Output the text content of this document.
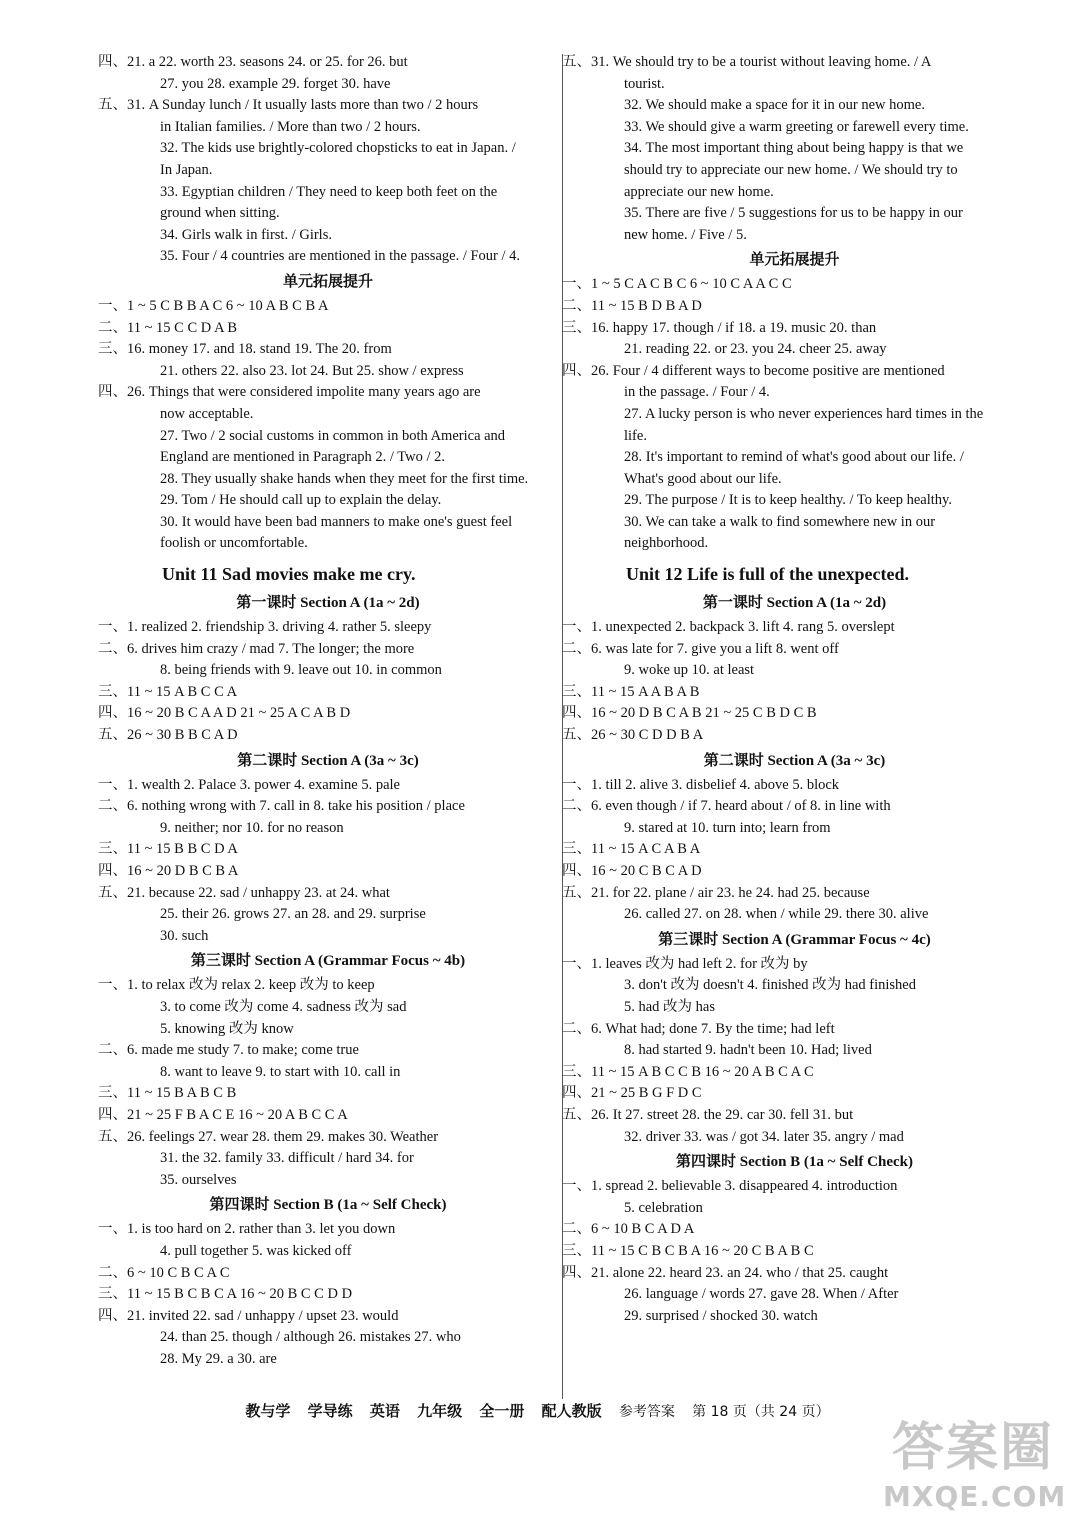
四、21. a 22. worth 23. seasons 24. or 25. for 26. but
27. you 28. example 29. forget 30. have
五、31. A Sunday lunch / It usually lasts more than two / 2 hours
in Italian families. / More than two / 2 hours.
32. The kids use brightly-colored chopsticks to eat in Japan. /
In Japan.
33. Egyptian children / They need to keep both feet on the
ground when sitting.
34. Girls walk in first. / Girls.
35. Four / 4 countries are mentioned in the passage. / Four / 4.
单元拓展提升
一、1 ~ 5 C B B A C 6 ~ 10 A B C B A
二、11 ~ 15 C C D A B
三、16. money 17. and 18. stand 19. The 20. from
21. others 22. also 23. lot 24. But 25. show / express
四、26. Things that were considered impolite many years ago are
now acceptable.
27. Two / 2 social customs in common in both America and
England are mentioned in Paragraph 2. / Two / 2.
28. They usually shake hands when they meet for the first time.
29. Tom / He should call up to explain the delay.
30. It would have been bad manners to make one's guest feel
foolish or uncomfortable.
Unit 11 Sad movies make me cry.
第一课时 Section A (1a ~ 2d)
一、1. realized 2. friendship 3. driving 4. rather 5. sleepy
二、6. drives him crazy / mad 7. The longer; the more
8. being friends with 9. leave out 10. in common
三、11 ~ 15 A B C C A
四、16 ~ 20 B C A A D 21 ~ 25 A C A B D
五、26 ~ 30 B B C A D
第二课时 Section A (3a ~ 3c)
一、1. wealth 2. Palace 3. power 4. examine 5. pale
二、6. nothing wrong with 7. call in 8. take his position / place
9. neither; nor 10. for no reason
三、11 ~ 15 B B C D A
四、16 ~ 20 D B C B A
五、21. because 22. sad / unhappy 23. at 24. what
25. their 26. grows 27. an 28. and 29. surprise
30. such
第三课时 Section A (Grammar Focus ~ 4b)
一、1. to relax 改为 relax 2. keep 改为 to keep
3. to come 改为 come 4. sadness 改为 sad
5. knowing 改为 know
二、6. made me study 7. to make; come true
8. want to leave 9. to start with 10. call in
三、11 ~ 15 B A B C B
四、21 ~ 25 F B A C E 16 ~ 20 A B C C A
五、26. feelings 27. wear 28. them 29. makes 30. Weather
31. the 32. family 33. difficult / hard 34. for
35. ourselves
第四课时 Section B (1a ~ Self Check)
一、1. is too hard on 2. rather than 3. let you down
4. pull together 5. was kicked off
二、6 ~ 10 C B C A C
三、11 ~ 15 B C B C A 16 ~ 20 B C C D D
四、21. invited 22. sad / unhappy / upset 23. would
24. than 25. though / although 26. mistakes 27. who
28. My 29. a 30. are
五、31. We should try to be a tourist without leaving home. / A
tourist.
32. We should make a space for it in our new home.
33. We should give a warm greeting or farewell every time.
34. The most important thing about being happy is that we
should try to appreciate our new home. / We should try to
appreciate our new home.
35. There are five / 5 suggestions for us to be happy in our
new home. / Five / 5.
单元拓展提升
一、1 ~ 5 C A C B C 6 ~ 10 C A A C C
二、11 ~ 15 B D B A D
三、16. happy 17. though / if 18. a 19. music 20. than
21. reading 22. or 23. you 24. cheer 25. away
四、26. Four / 4 different ways to become positive are mentioned
in the passage. / Four / 4.
27. A lucky person is who never experiences hard times in the
life.
28. It's important to remind of what's good about our life. /
What's good about our life.
29. The purpose / It is to keep healthy. / To keep healthy.
30. We can take a walk to find somewhere new in our
neighborhood.
Unit 12 Life is full of the unexpected.
第一课时 Section A (1a ~ 2d)
一、1. unexpected 2. backpack 3. lift 4. rang 5. overslept
二、6. was late for 7. give you a lift 8. went off
9. woke up 10. at least
三、11 ~ 15 A A B A B
四、16 ~ 20 D B C A B 21 ~ 25 C B D C B
五、26 ~ 30 C D D B A
第二课时 Section A (3a ~ 3c)
一、1. till 2. alive 3. disbelief 4. above 5. block
二、6. even though / if 7. heard about / of 8. in line with
9. stared at 10. turn into; learn from
三、11 ~ 15 A C A B A
四、16 ~ 20 C B C A D
五、21. for 22. plane / air 23. he 24. had 25. because
26. called 27. on 28. when / while 29. there 30. alive
第三课时 Section A (Grammar Focus ~ 4c)
一、1. leaves 改为 had left 2. for 改为 by
3. don't 改为 doesn't 4. finished 改为 had finished
5. had 改为 has
二、6. What had; done 7. By the time; had left
8. had started 9. hadn't been 10. Had; lived
三、11 ~ 15 A B C C B 16 ~ 20 A B C A C
四、21 ~ 25 B G F D C
五、26. It 27. street 28. the 29. car 30. fell 31. but
32. driver 33. was / got 34. later 35. angry / mad
第四课时 Section B (1a ~ Self Check)
一、1. spread 2. believable 3. disappeared 4. introduction
5. celebration
二、6 ~ 10 B C A D A
三、11 ~ 15 C B C B A 16 ~ 20 C B A B C
四、21. alone 22. heard 23. an 24. who / that 25. caught
26. language / words 27. gave 28. When / After
29. surprised / shocked 30. watch
教与学 学导练 英语 九年级 全一册 配人教版 参考答案 第 18 页（共 24 页）
答案圈
MXQE.COM
